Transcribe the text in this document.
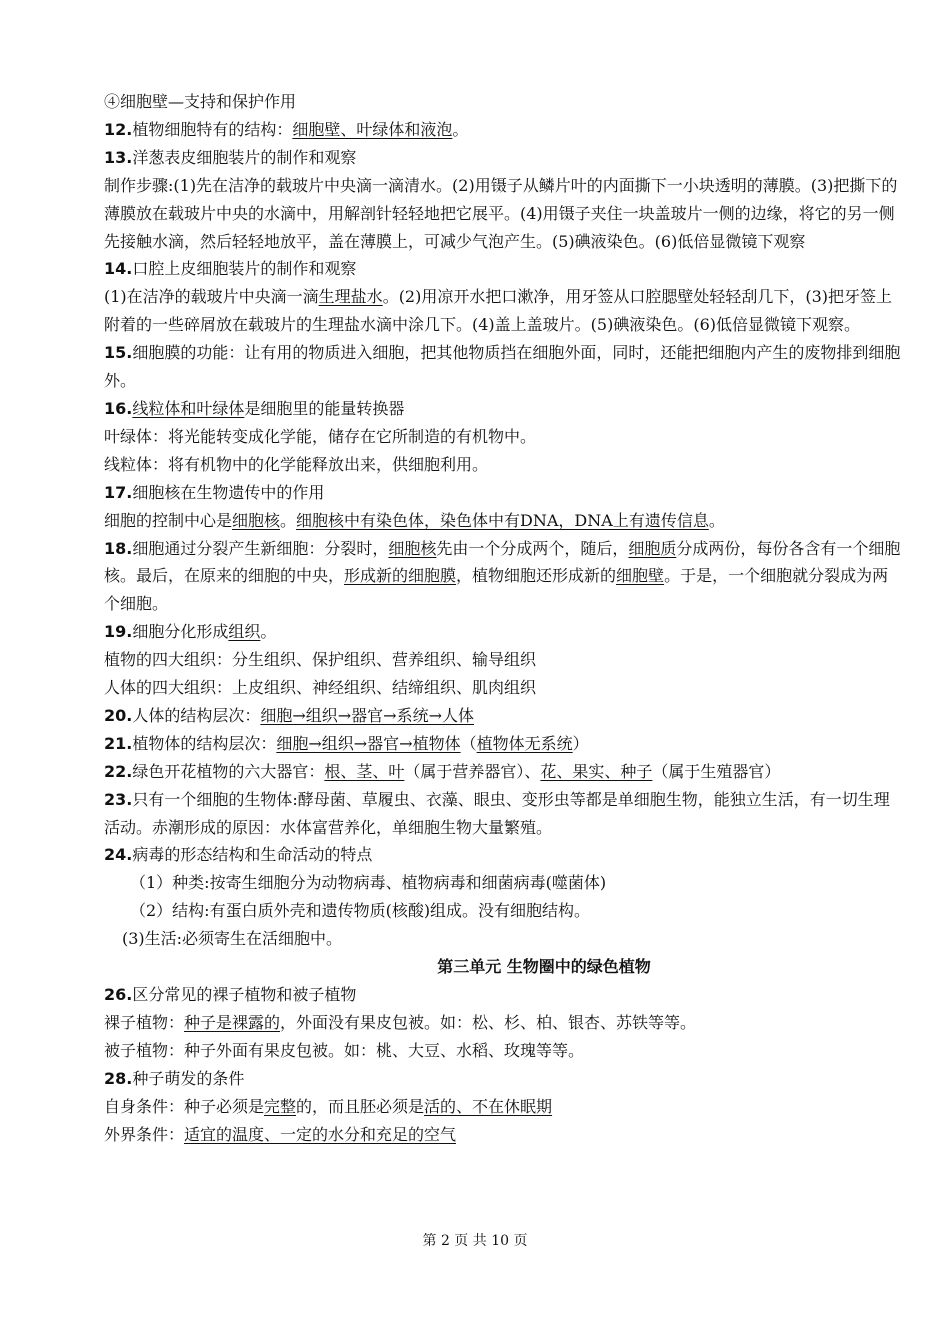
④细胞壁—支持和保护作用
12.植物细胞特有的结构：细胞壁、叶绿体和液泡。
13.洋葱表皮细胞装片的制作和观察
制作步骤:(1)先在洁净的载玻片中央滴一滴清水。(2)用镊子从鳞片叶的内面撕下一小块透明的薄膜。(3)把撕下的薄膜放在载玻片中央的水滴中，用解剖针轻轻地把它展平。(4)用镊子夹住一块盖玻片一侧的边缘，将它的另一侧先接触水滴，然后轻轻地放平，盖在薄膜上，可减少气泡产生。(5)碘液染色。(6)低倍显微镜下观察
14.口腔上皮细胞装片的制作和观察
(1)在洁净的载玻片中央滴一滴生理盐水。(2)用凉开水把口漱净，用牙签从口腔腮壁处轻轻刮几下，(3)把牙签上附着的一些碎屑放在载玻片的生理盐水滴中涂几下。(4)盖上盖玻片。(5)碘液染色。(6)低倍显微镜下观察。
15.细胞膜的功能：让有用的物质进入细胞，把其他物质挡在细胞外面，同时，还能把细胞内产生的废物排到细胞外。
16.线粒体和叶绿体是细胞里的能量转换器
叶绿体：将光能转变成化学能，储存在它所制造的有机物中。
线粒体：将有机物中的化学能释放出来，供细胞利用。
17.细胞核在生物遗传中的作用
细胞的控制中心是细胞核。细胞核中有染色体，染色体中有DNA，DNA上有遗传信息。
18.细胞通过分裂产生新细胞：分裂时，细胞核先由一个分成两个，随后，细胞质分成两份，每份各含有一个细胞核。最后，在原来的细胞的中央，形成新的细胞膜，植物细胞还形成新的细胞壁。于是，一个细胞就分裂成为两个细胞。
19.细胞分化形成组织。
植物的四大组织：分生组织、保护组织、营养组织、输导组织
人体的四大组织：上皮组织、神经组织、结缔组织、肌肉组织
20.人体的结构层次：细胞→组织→器官→系统→人体
21.植物体的结构层次：细胞→组织→器官→植物体（植物体无系统）
22.绿色开花植物的六大器官：根、茎、叶（属于营养器官）、花、果实、种子（属于生殖器官）
23.只有一个细胞的生物体:酵母菌、草履虫、衣藻、眼虫、变形虫等都是单细胞生物，能独立生活，有一切生理活动。赤潮形成的原因：水体富营养化，单细胞生物大量繁殖。
24.病毒的形态结构和生命活动的特点
（1）种类:按寄生细胞分为动物病毒、植物病毒和细菌病毒(噬菌体)
（2）结构:有蛋白质外壳和遗传物质(核酸)组成。没有细胞结构。
(3)生活:必须寄生在活细胞中。
第三单元 生物圈中的绿色植物
26.区分常见的裸子植物和被子植物
裸子植物：种子是裸露的，外面没有果皮包被。如：松、杉、柏、银杏、苏铁等等。
被子植物：种子外面有果皮包被。如：桃、大豆、水稻、玫瑰等等。
28.种子萌发的条件
自身条件：种子必须是完整的，而且胚必须是活的、不在休眠期
外界条件：适宜的温度、一定的水分和充足的空气
第 2 页 共 10 页
